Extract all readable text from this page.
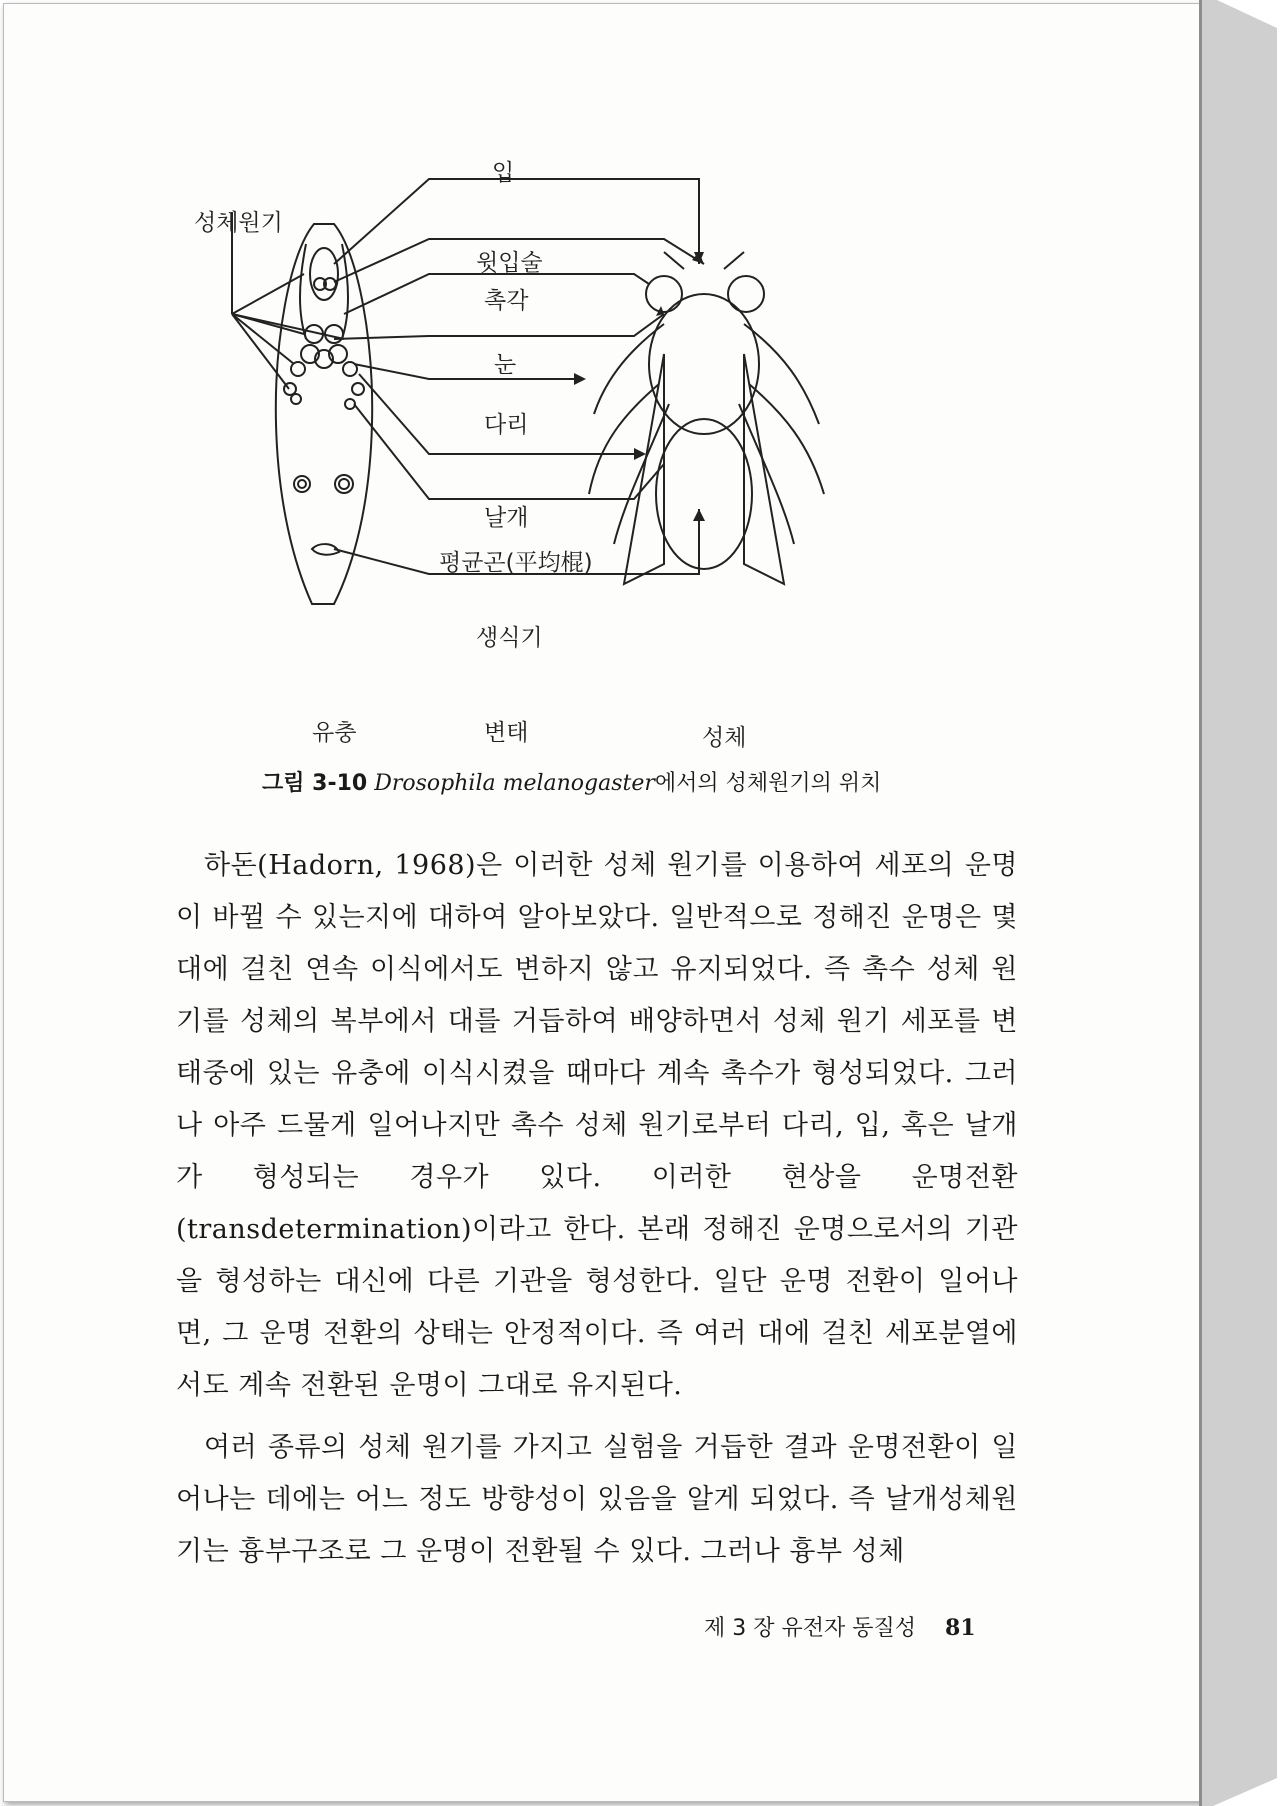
성체원기
입
윗입술
촉각
눈
다리
날개
평균곤(平均棍)
생식기
유충	변태	성체
그림 3-10 Drosophila melanogaster에서의 성체원기의 위치

하돈(Hadorn, 1968)은 이러한 성체 원기를 이용하여 세포의 운명이 바뀔 수 있는지에 대하여 알아보았다. 일반적으로 정해진 운명은 몇 대에 걸친 연속 이식에서도 변하지 않고 유지되었다. 즉 촉수 성체 원기를 성체의 복부에서 대를 거듭하여 배양하면서 성체 원기 세포를 변태중에 있는 유충에 이식시켰을 때마다 계속 촉수가 형성되었다. 그러나 아주 드물게 일어나지만 촉수 성체 원기로부터 다리, 입, 혹은 날개가 형성되는 경우가 있다. 이러한 현상을 운명전환(transdetermination)이라고 한다. 본래 정해진 운명으로서의 기관을 형성하는 대신에 다른 기관을 형성한다. 일단 운명 전환이 일어나면, 그 운명 전환의 상태는 안정적이다. 즉 여러 대에 걸친 세포분열에서도 계속 전환된 운명이 그대로 유지된다.

여러 종류의 성체 원기를 가지고 실험을 거듭한 결과 운명전환이 일어나는 데에는 어느 정도 방향성이 있음을 알게 되었다. 즉 날개성체원기는 흉부구조로 그 운명이 전환될 수 있다. 그러나 흉부 성체

제 3 장 유전자 동질성 81
